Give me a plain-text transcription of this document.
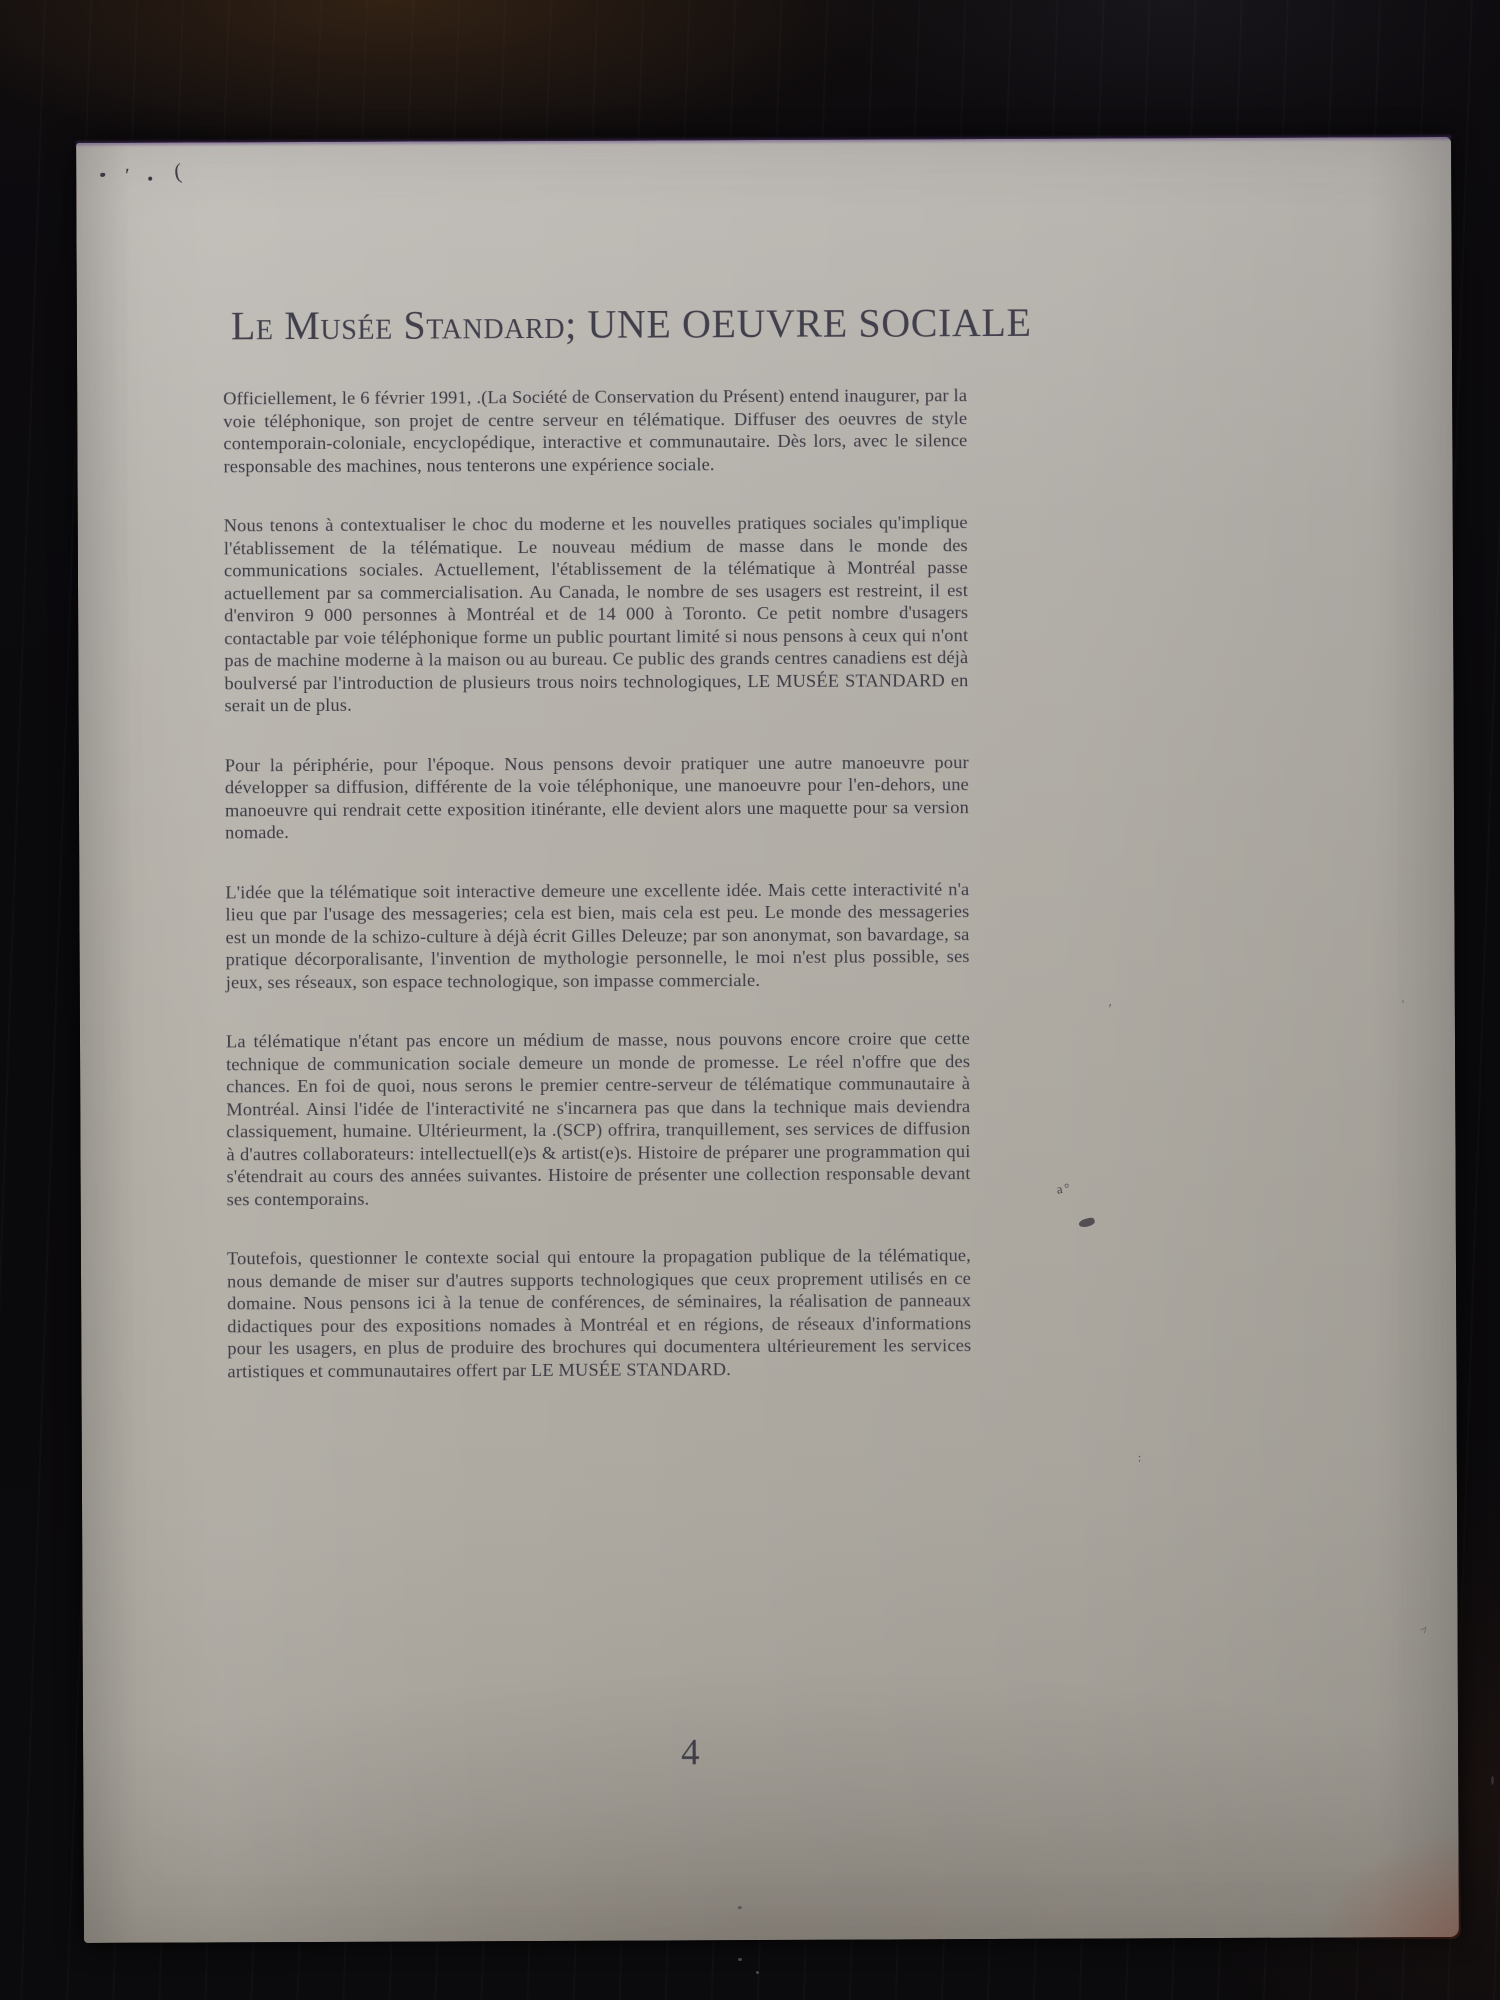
' (
Le Musée Standard; UNE OEUVRE SOCIALE

Officiellement, le 6 février 1991, .(La Société de Conservation du Présent) entend inaugurer, par la voie téléphonique, son projet de centre serveur en télématique. Diffuser des oeuvres de style contemporain-coloniale, encyclopédique, interactive et communautaire. Dès lors, avec le silence responsable des machines, nous tenterons une expérience sociale.

Nous tenons à contextualiser le choc du moderne et les nouvelles pratiques sociales qu'implique l'établissement de la télématique. Le nouveau médium de masse dans le monde des communications sociales. Actuellement, l'établissement de la télématique à Montréal passe actuellement par sa commercialisation. Au Canada, le nombre de ses usagers est restreint, il est d'environ 9 000 personnes à Montréal et de 14 000 à Toronto. Ce petit nombre d'usagers contactable par voie téléphonique forme un public pourtant limité si nous pensons à ceux qui n'ont pas de machine moderne à la maison ou au bureau. Ce public des grands centres canadiens est déjà boulversé par l'introduction de plusieurs trous noirs technologiques, LE MUSÉE STANDARD en serait un de plus.

Pour la périphérie, pour l'époque. Nous pensons devoir pratiquer une autre manoeuvre pour développer sa diffusion, différente de la voie téléphonique, une manoeuvre pour l'en-dehors, une manoeuvre qui rendrait cette exposition itinérante, elle devient alors une maquette pour sa version nomade.

L'idée que la télématique soit interactive demeure une excellente idée. Mais cette interactivité n'a lieu que par l'usage des messageries; cela est bien, mais cela est peu. Le monde des messageries est un monde de la schizo-culture à déjà écrit Gilles Deleuze; par son anonymat, son bavardage, sa pratique décorporalisante, l'invention de mythologie personnelle, le moi n'est plus possible, ses jeux, ses réseaux, son espace technologique, son impasse commerciale.

La télématique n'étant pas encore un médium de masse, nous pouvons encore croire que cette technique de communication sociale demeure un monde de promesse. Le réel n'offre que des chances. En foi de quoi, nous serons le premier centre-serveur de télématique communautaire à Montréal. Ainsi l'idée de l'interactivité ne s'incarnera pas que dans la technique mais deviendra classiquement, humaine. Ultérieurment, la .(SCP) offrira, tranquillement, ses services de diffusion à d'autres collaborateurs: intellectuell(e)s & artist(e)s. Histoire de préparer une programmation qui s'étendrait au cours des années suivantes. Histoire de présenter une collection responsable devant ses contemporains.

Toutefois, questionner le contexte social qui entoure la propagation publique de la télématique, nous demande de miser sur d'autres supports technologiques que ceux proprement utilisés en ce domaine. Nous pensons ici à la tenue de conférences, de séminaires, la réalisation de panneaux didactiques pour des expositions nomades à Montréal et en régions, de réseaux d'informations pour les usagers, en plus de produire des brochures qui documentera ultérieurement les services artistiques et communautaires offert par LE MUSÉE STANDARD.

4
'	'
a°
:
^
